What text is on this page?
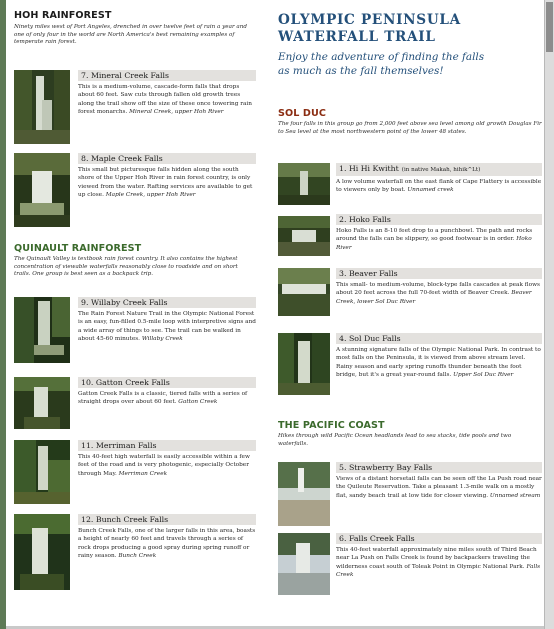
HOH RAINFOREST
Ninety miles west of Port Angeles, drenched in over twelve feet of rain a year and one of only four in the world are North America's best remaining examples of temperate rain forest.
7. Mineral Creek Falls
This is a medium-volume, cascade-form falls that drops about 60 feet. Saw cuts through fallen old growth trees along the trail show off the size of these once towering rain forest monarchs. Mineral Creek, upper Hoh River
8. Maple Creek Falls
This small but picturesque falls hidden along the south shore of the Upper Hoh River in rain forest country, is only viewed from the water. Rafting services are available to get up close. Maple Creek, upper Hoh River
QUINAULT RAINFOREST
The Quinault Valley is textbook rain forest country. It also contains the highest concentration of viewable waterfalls reasonably close to roadside and on short trails. One group is best seen as a backpack trip.
9. Willaby Creek Falls
The Rain Forest Nature Trail in the Olympic National Forest is an easy, fun-filled 0.5-mile loop with interpretive signs and a wide array of things to see. The trail can be walked in about 45-60 minutes. Willaby Creek
10. Gatton Creek Falls
Gatton Creek Falls is a classic, tiered falls with a series of straight drops over about 60 feet. Gatton Creek
11. Merriman Falls
This 40-feet high waterfall is easily accessible within a few feet of the road and is very photogenic, especially October through May. Merriman Creek
12. Bunch Creek Falls
Bunch Creek Falls, one of the larger falls in this area, boasts a height of nearly 60 feet and travels through a series of rock drops producing a good spray during spring runoff or rainy season. Bunch Creek
OLYMPIC PENINSULA
WATERFALL TRAIL
Enjoy the adventure of finding the falls
as much as the fall themselves!
SOL DUC
The four falls in this group go from 2,000 feet above sea level among old growth Douglas Fir to Sea level at the most northwestern point of the lower 48 states.
1. Hi Hi Kwitht (in native Makah, hihik^Lt)
A low volume waterfall on the east flank of Cape Flattery is accessible to viewers only by boat. Unnamed creek
2. Hoko Falls
Hoko Falls is an 8-10 feet drop to a punchbowl. The path and rocks around the falls can be slippery, so good footwear is in order. Hoko River
3. Beaver Falls
This small- to medium-volume, block-type falls cascades at peak flows about 20 feet across the full 70-feet width of Beaver Creek. Beaver Creek, lower Sol Duc River
4. Sol Duc Falls
A stunning signature falls of the Olympic National Park. In contrast to most falls on the Peninsula, it is viewed from above stream level. Rainy season and early spring runoffs thunder beneath the foot bridge, but it's a great year-round falls. Upper Sol Duc River
THE PACIFIC COAST
Hikes through wild Pacific Ocean headlands lead to sea stacks, tide pools and two waterfalls.
5. Strawberry Bay Falls
Views of a distant horsetail falls can be seen off the La Push road near the Quileute Reservation. Take a pleasant 1.3-mile walk on a mostly flat, sandy beach trail at low tide for closer viewing. Unnamed stream
6. Falls Creek Falls
This 40-feet waterfall approximately nine miles south of Third Beach near La Push on Falls Creek is found by backpackers traveling the wilderness coast south of Toleak Point in Olympic National Park. Falls Creek
